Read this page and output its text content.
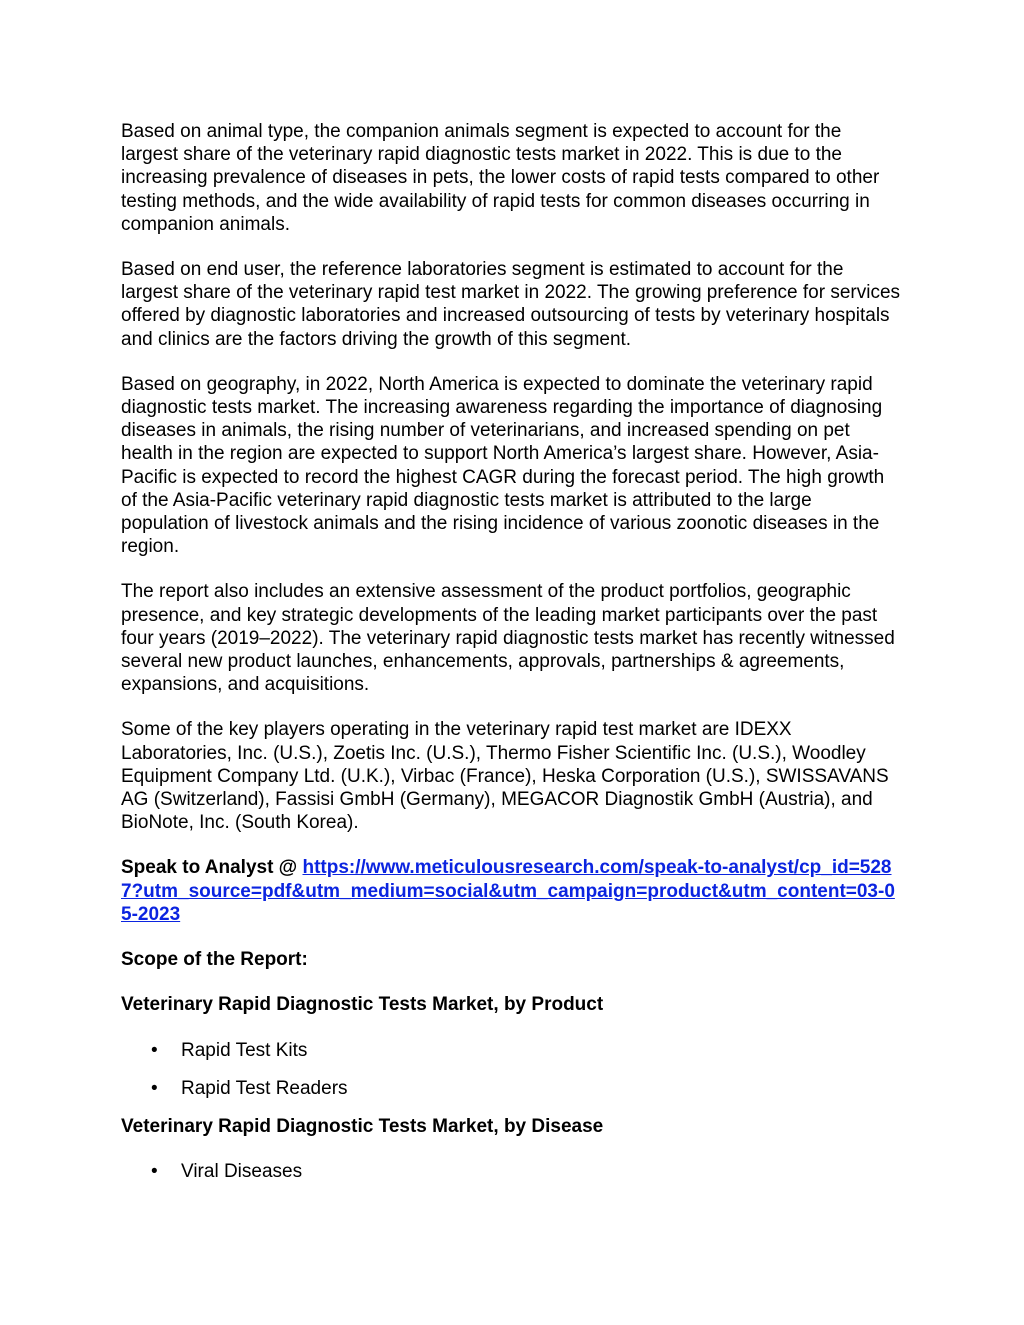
Based on animal type, the companion animals segment is expected to account for the largest share of the veterinary rapid diagnostic tests market in 2022. This is due to the increasing prevalence of diseases in pets, the lower costs of rapid tests compared to other testing methods, and the wide availability of rapid tests for common diseases occurring in companion animals.

Based on end user, the reference laboratories segment is estimated to account for the largest share of the veterinary rapid test market in 2022. The growing preference for services offered by diagnostic laboratories and increased outsourcing of tests by veterinary hospitals and clinics are the factors driving the growth of this segment.

Based on geography, in 2022, North America is expected to dominate the veterinary rapid diagnostic tests market. The increasing awareness regarding the importance of diagnosing diseases in animals, the rising number of veterinarians, and increased spending on pet health in the region are expected to support North America’s largest share. However, Asia-Pacific is expected to record the highest CAGR during the forecast period. The high growth of the Asia-Pacific veterinary rapid diagnostic tests market is attributed to the large population of livestock animals and the rising incidence of various zoonotic diseases in the region.

The report also includes an extensive assessment of the product portfolios, geographic presence, and key strategic developments of the leading market participants over the past four years (2019–2022). The veterinary rapid diagnostic tests market has recently witnessed several new product launches, enhancements, approvals, partnerships & agreements, expansions, and acquisitions.

Some of the key players operating in the veterinary rapid test market are IDEXX Laboratories, Inc. (U.S.), Zoetis Inc. (U.S.), Thermo Fisher Scientific Inc. (U.S.), Woodley Equipment Company Ltd. (U.K.), Virbac (France), Heska Corporation (U.S.), SWISSAVANS AG (Switzerland), Fassisi GmbH (Germany), MEGACOR Diagnostik GmbH (Austria), and BioNote, Inc. (South Korea).

Speak to Analyst @ https://www.meticulousresearch.com/speak-to-analyst/cp_id=5287?utm_source=pdf&utm_medium=social&utm_campaign=product&utm_content=03-05-2023

Scope of the Report:

Veterinary Rapid Diagnostic Tests Market, by Product

• Rapid Test Kits
• Rapid Test Readers

Veterinary Rapid Diagnostic Tests Market, by Disease

• Viral Diseases
